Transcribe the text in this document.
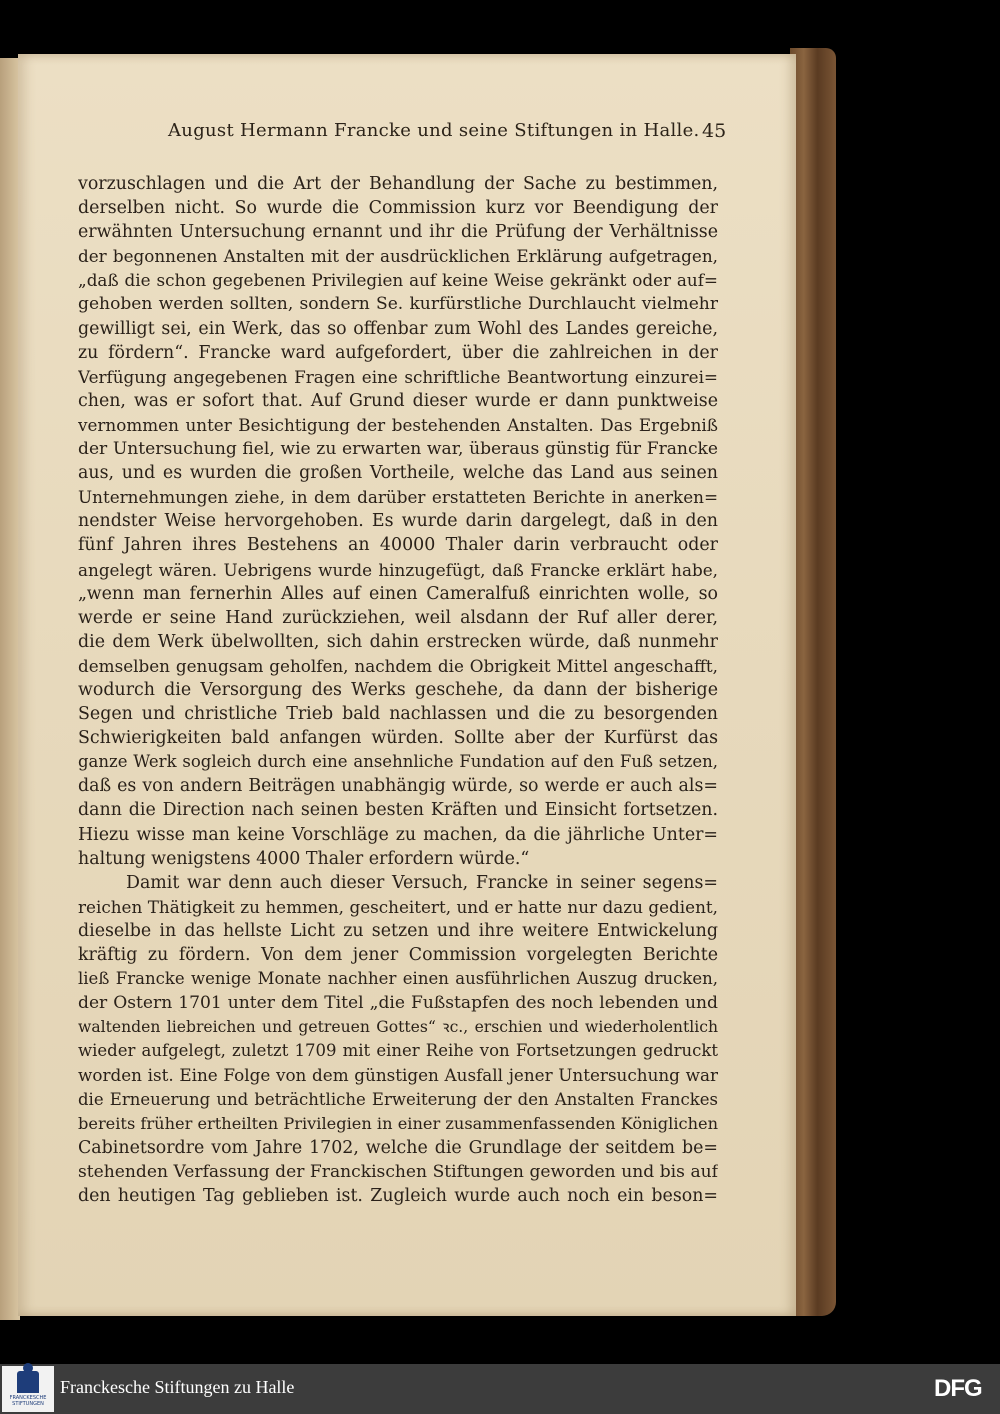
August Hermann Francke und seine Stiftungen in Halle. 45
vorzuschlagen und die Art der Behandlung der Sache zu bestimmen,
derselben nicht. So wurde die Commission kurz vor Beendigung der
erwähnten Untersuchung ernannt und ihr die Prüfung der Verhältnisse
der begonnenen Anstalten mit der ausdrücklichen Erklärung aufgetragen,
„daß die schon gegebenen Privilegien auf keine Weise gekränkt oder auf=
gehoben werden sollten, sondern Se. kurfürstliche Durchlaucht vielmehr
gewilligt sei, ein Werk, das so offenbar zum Wohl des Landes gereiche,
zu fördern“. Francke ward aufgefordert, über die zahlreichen in der
Verfügung angegebenen Fragen eine schriftliche Beantwortung einzurei=
chen, was er sofort that. Auf Grund dieser wurde er dann punktweise
vernommen unter Besichtigung der bestehenden Anstalten. Das Ergebniß
der Untersuchung fiel, wie zu erwarten war, überaus günstig für Francke
aus, und es wurden die großen Vortheile, welche das Land aus seinen
Unternehmungen ziehe, in dem darüber erstatteten Berichte in anerken=
nendster Weise hervorgehoben. Es wurde darin dargelegt, daß in den
fünf Jahren ihres Bestehens an 40000 Thaler darin verbraucht oder
angelegt wären. Uebrigens wurde hinzugefügt, daß Francke erklärt habe,
„wenn man fernerhin Alles auf einen Cameralfuß einrichten wolle, so
werde er seine Hand zurückziehen, weil alsdann der Ruf aller derer,
die dem Werk übelwollten, sich dahin erstrecken würde, daß nunmehr
demselben genugsam geholfen, nachdem die Obrigkeit Mittel angeschafft,
wodurch die Versorgung des Werks geschehe, da dann der bisherige
Segen und christliche Trieb bald nachlassen und die zu besorgenden
Schwierigkeiten bald anfangen würden. Sollte aber der Kurfürst das
ganze Werk sogleich durch eine ansehnliche Fundation auf den Fuß setzen,
daß es von andern Beiträgen unabhängig würde, so werde er auch als=
dann die Direction nach seinen besten Kräften und Einsicht fortsetzen.
Hiezu wisse man keine Vorschläge zu machen, da die jährliche Unter=
haltung wenigstens 4000 Thaler erfordern würde.“
Damit war denn auch dieser Versuch, Francke in seiner segens=
reichen Thätigkeit zu hemmen, gescheitert, und er hatte nur dazu gedient,
dieselbe in das hellste Licht zu setzen und ihre weitere Entwickelung
kräftig zu fördern. Von dem jener Commission vorgelegten Berichte
ließ Francke wenige Monate nachher einen ausführlichen Auszug drucken,
der Ostern 1701 unter dem Titel „die Fußstapfen des noch lebenden und
waltenden liebreichen und getreuen Gottes“ ꝛc., erschien und wiederholentlich
wieder aufgelegt, zuletzt 1709 mit einer Reihe von Fortsetzungen gedruckt
worden ist. Eine Folge von dem günstigen Ausfall jener Untersuchung war
die Erneuerung und beträchtliche Erweiterung der den Anstalten Franckes
bereits früher ertheilten Privilegien in einer zusammenfassenden Königlichen
Cabinetsordre vom Jahre 1702, welche die Grundlage der seitdem be=
stehenden Verfassung der Franckischen Stiftungen geworden und bis auf
den heutigen Tag geblieben ist. Zugleich wurde auch noch ein beson=
FRANCKESCHE STIFTUNGEN
Franckesche Stiftungen zu Halle	DFG
